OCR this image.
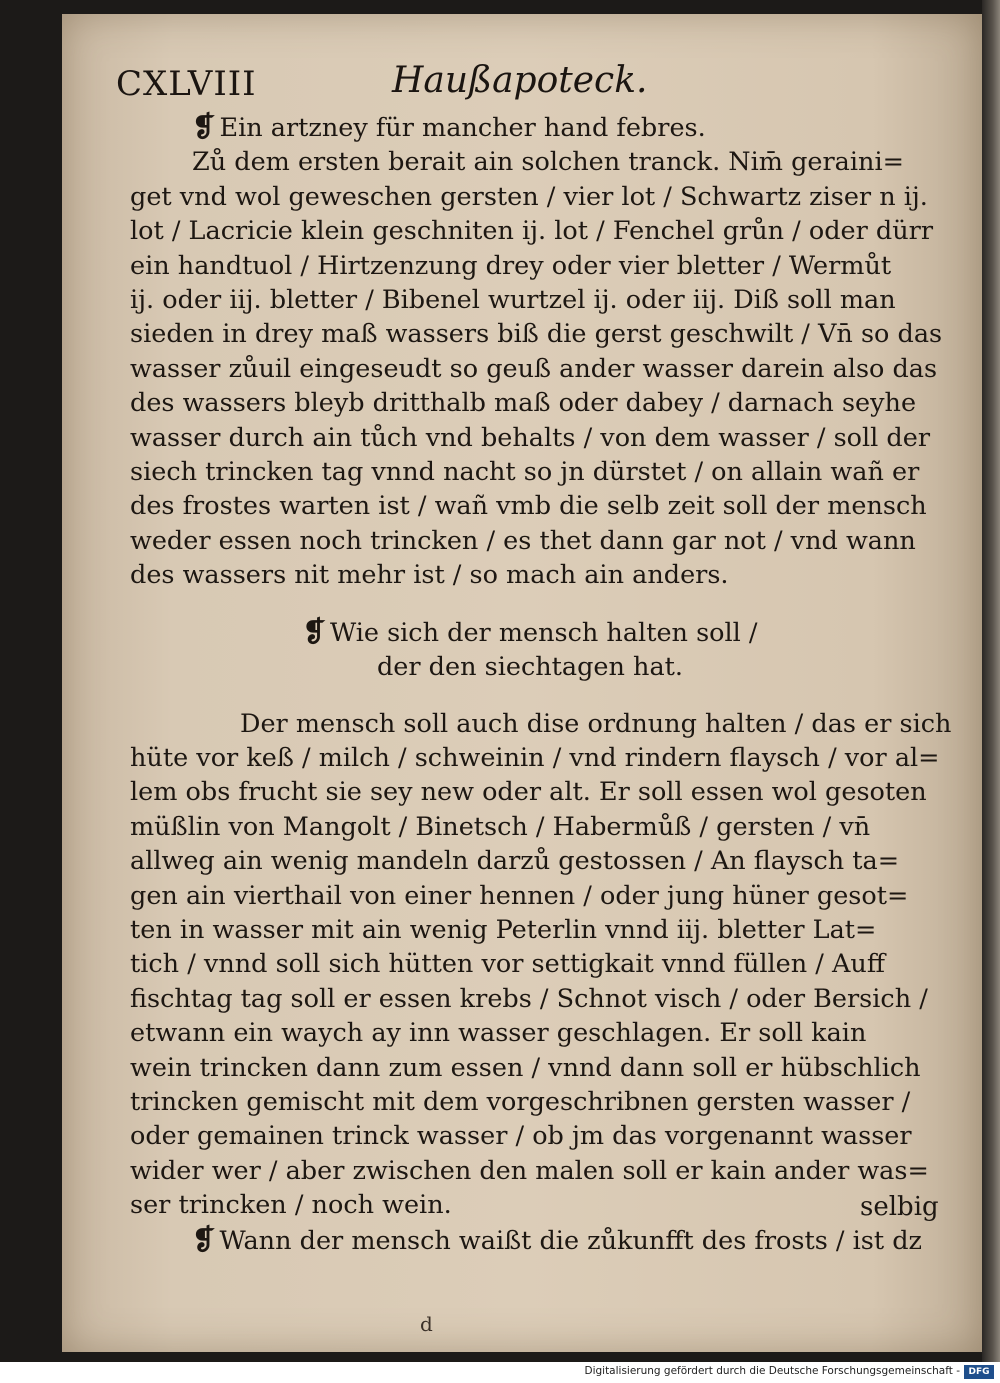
CXLVIII	Haußapoteck.

❡ Ein artzney für mancher hand febres.

Zů dem ersten berait ain solchen tranck. Nim̄ geraini=

get vnd wol geweschen gersten / vier lot / Schwartz ziser n ij.

lot / Lacricie klein geschniten ij. lot / Fenchel grůn / oder dürr

ein handtuol / Hirtzenzung drey oder vier bletter / Wermůt

ij. oder iij. bletter / Bibenel wurtzel ij. oder iij. Diß soll man

sieden in drey maß wassers biß die gerst geschwilt / Vn̄ so das

wasser zůuil eingeseudt so geuß ander wasser darein also das

des wassers bleyb dritthalb maß oder dabey / darnach seyhe

wasser durch ain tůch vnd behalts / von dem wasser / soll der

siech trincken tag vnnd nacht so jn dürstet / on allain wañ er

des frostes warten ist / wañ vmb die selb zeit soll der mensch

weder essen noch trincken / es thet dann gar not / vnd wann

des wassers nit mehr ist / so mach ain anders.

❡ Wie sich der mensch halten soll /

der den siechtagen hat.

Der mensch soll auch dise ordnung halten / das er sich

hüte vor keß / milch / schweinin / vnd rindern flaysch / vor al=

lem obs frucht sie sey new oder alt. Er soll essen wol gesoten

müßlin von Mangolt / Binetsch / Habermůß / gersten / vn̄

allweg ain wenig mandeln darzů gestossen / An flaysch ta=

gen ain vierthail von einer hennen / oder jung hüner gesot=

ten in wasser mit ain wenig Peterlin vnnd iij. bletter Lat=

tich / vnnd soll sich hütten vor settigkait vnnd füllen / Auff

fischtag tag soll er essen krebs / Schnot visch / oder Bersich /

etwann ein waych ay inn wasser geschlagen. Er soll kain

wein trincken dann zum essen / vnnd dann soll er hübschlich

trincken gemischt mit dem vorgeschribnen gersten wasser /

oder gemainen trinck wasser / ob jm das vorgenannt wasser

wider wer / aber zwischen den malen soll er kain ander was=

ser trincken / noch wein.

❡ Wann der mensch waißt die zůkunfft des frosts / ist dz

selbig
d
Digitalisierung gefördert durch die Deutsche Forschungsgemeinschaft - DFG
